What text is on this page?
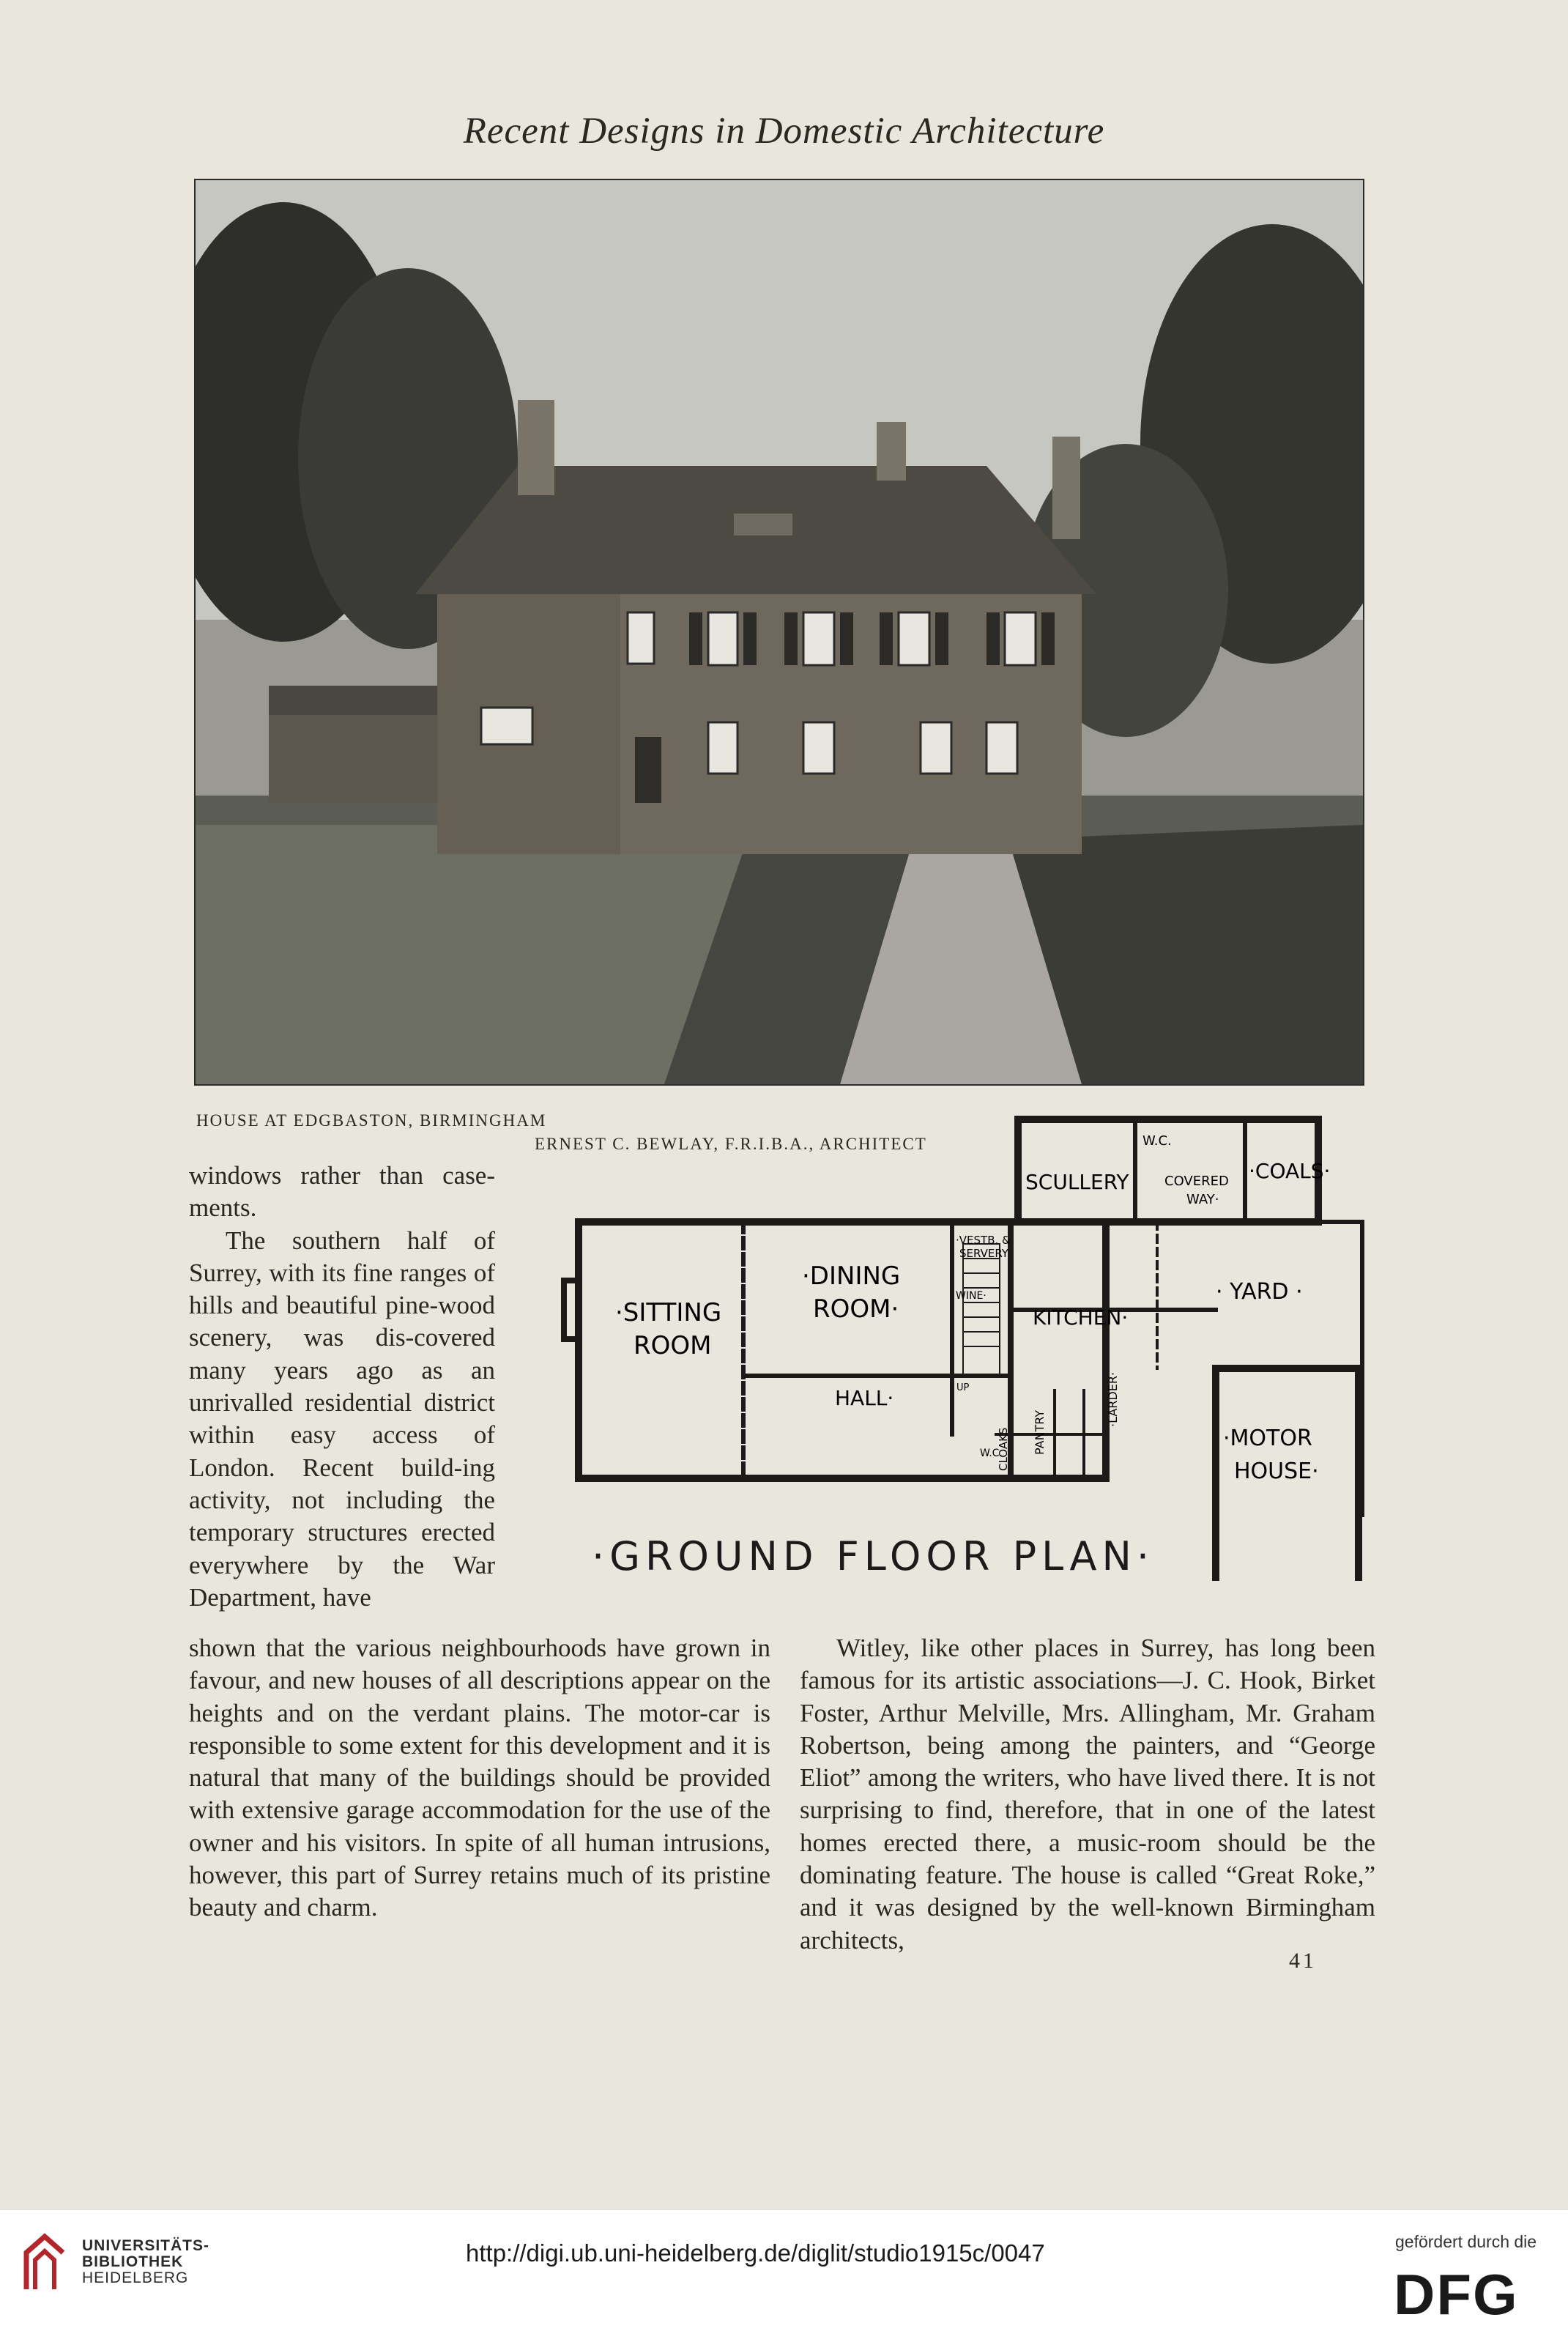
Recent Designs in Domestic Architecture
HOUSE AT EDGBASTON, BIRMINGHAM
ERNEST C. BEWLAY, F.R.I.B.A., ARCHITECT
·SITTING
ROOM
·DINING
ROOM·
HALL·
KITCHEN·
SCULLERY	·COALS·
COVERED
WAY·
W.C.
· YARD ·
·MOTOR
HOUSE·
·VESTB. &
SERVERY
WINE·
PANTRY
·LARDER·
CLOAKS
W.C.
UP
·GROUND FLOOR PLAN·

windows rather than case-ments.

The southern half of Surrey, with its fine ranges of hills and beautiful pine-wood scenery, was dis-covered many years ago as an unrivalled residential district within easy access of London. Recent build-ing activity, not including the temporary structures erected everywhere by the War Department, have

shown that the various neighbourhoods have grown in favour, and new houses of all descriptions appear on the heights and on the verdant plains. The motor-car is responsible to some extent for this development and it is natural that many of the buildings should be provided with extensive garage accommodation for the use of the owner and his visitors. In spite of all human intrusions, however, this part of Surrey retains much of its pristine beauty and charm.

Witley, like other places in Surrey, has long been famous for its artistic associations—J. C. Hook, Birket Foster, Arthur Melville, Mrs. Allingham, Mr. Graham Robertson, being among the painters, and “George Eliot” among the writers, who have lived there. It is not surprising to find, therefore, that in one of the latest homes erected there, a music-room should be the dominating feature. The house is called “Great Roke,” and it was designed by the well-known Birmingham architects,

41
UNIVERSITÄTS-
BIBLIOTHEK
HEIDELBERG
http://digi.ub.uni-heidelberg.de/diglit/studio1915c/0047	gefördert durch die
DFG
